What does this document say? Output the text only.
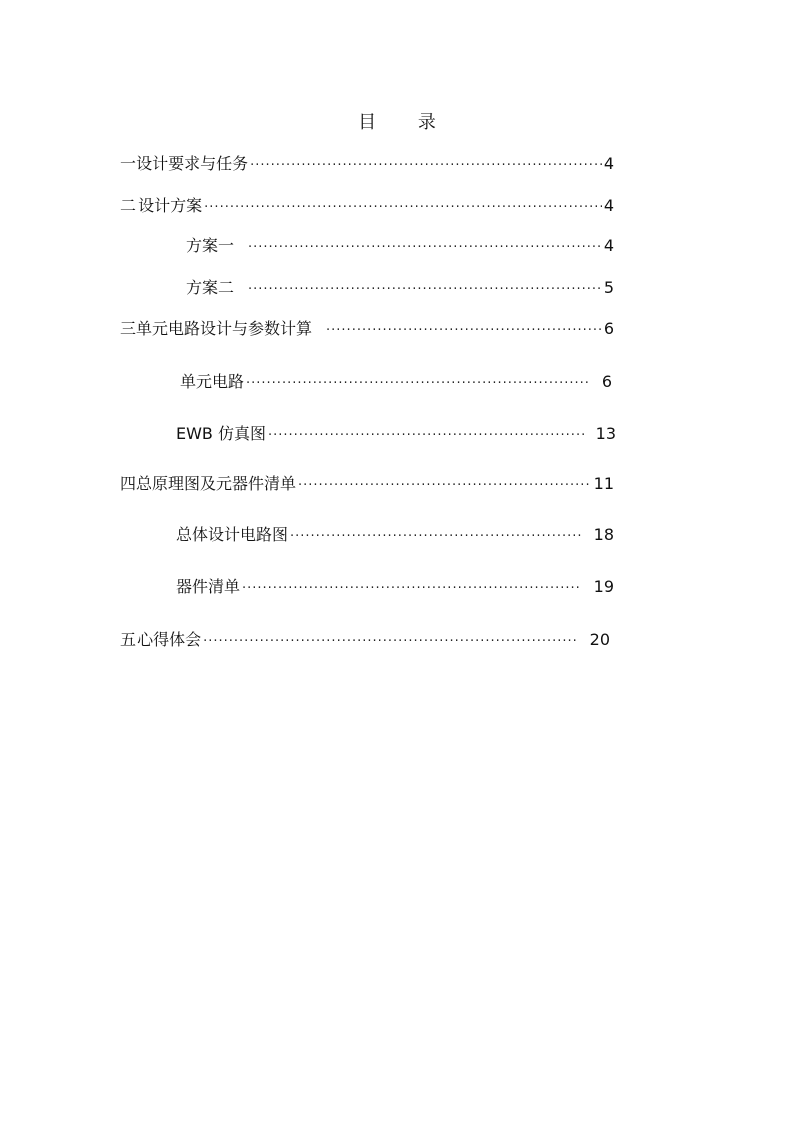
目 录
一 设计要求与任务 ·····	4
二 设计方案 ·····	4
方案一 ·····	4
方案二 ·····	5
三 单元电路设计与参数计算 ·····	6
单元电路 ·····	6
EWB 仿真图 ·····	13
四 总原理图及元器件清单 ·····	11
总体设计电路图 ·····	18
器件清单 ·····	19
五 心得体会 ·····	20
